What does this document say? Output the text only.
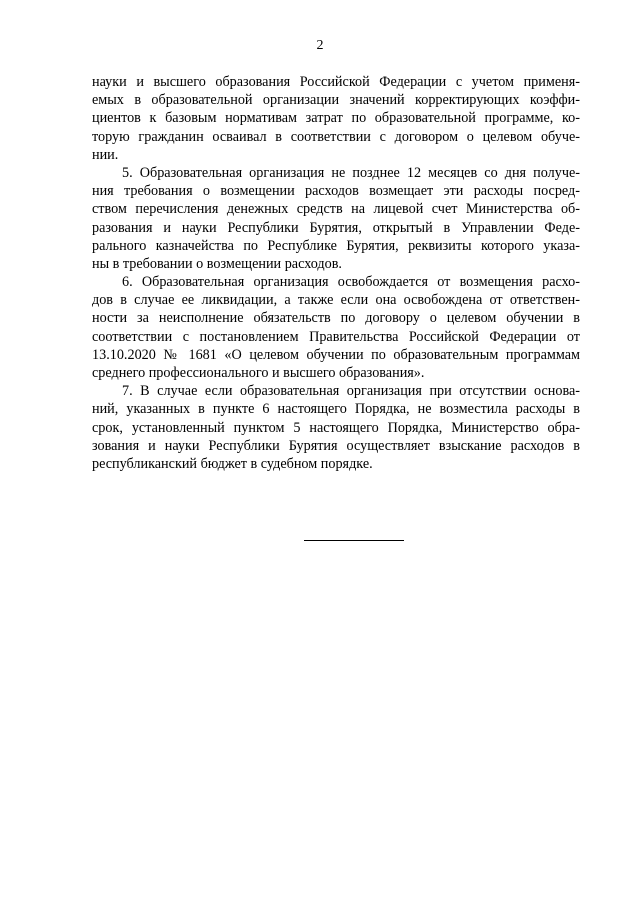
2
науки и высшего образования Российской Федерации с учетом применя-
емых в образовательной организации значений корректирующих коэффи-
циентов к базовым нормативам затрат по образовательной программе, ко-
торую гражданин осваивал в соответствии с договором о целевом обуче-
нии.
5. Образовательная организация не позднее 12 месяцев со дня получе-
ния требования о возмещении расходов возмещает эти расходы посред-
ством перечисления денежных средств на лицевой счет Министерства об-
разования и науки Республики Бурятия, открытый в Управлении Феде-
рального казначейства по Республике Бурятия, реквизиты которого указа-
ны в требовании о возмещении расходов.
6. Образовательная организация освобождается от возмещения расхо-
дов в случае ее ликвидации, а также если она освобождена от ответствен-
ности за неисполнение обязательств по договору о целевом обучении в
соответствии с постановлением Правительства Российской Федерации от
13.10.2020 № 1681 «О целевом обучении по образовательным программам
среднего профессионального и высшего образования».
7. В случае если образовательная организация при отсутствии основа-
ний, указанных в пункте 6 настоящего Порядка, не возместила расходы в
срок, установленный пунктом 5 настоящего Порядка, Министерство обра-
зования и науки Республики Бурятия осуществляет взыскание расходов в
республиканский бюджет в судебном порядке.
